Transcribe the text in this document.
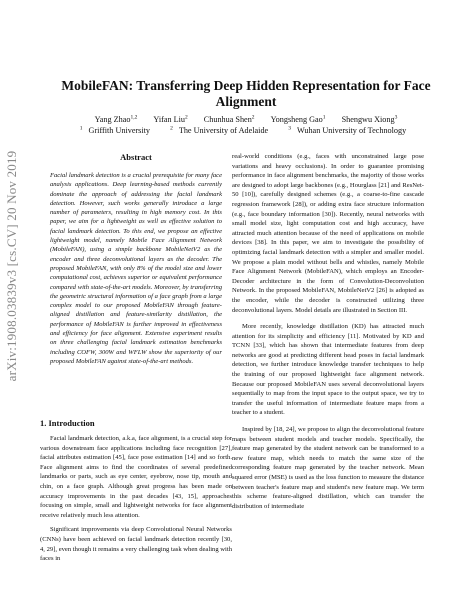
arXiv:1908.03839v3 [cs.CV] 20 Nov 2019
MobileFAN: Transferring Deep Hidden Representation for Face Alignment
Yang Zhao$^{1,2}$ Yifan Liu$^2$ Chunhua Shen$^2$ Yongsheng Gao$^1$ Shengwu Xiong$^3$
$^1$ Griffith University	$^2$ The University of Adelaide	$^3$ Wuhan University of Technology
Abstract
Facial landmark detection is a crucial prerequisite for many face analysis applications. Deep learning-based methods currently dominate the approach of addressing the facial landmark detection. However, such works generally introduce a large number of parameters, resulting in high memory cost. In this paper, we aim for a lightweight as well as effective solution to facial landmark detection. To this end, we propose an effective lightweight model, namely Mobile Face Alignment Network (MobileFAN), using a simple backbone MobileNetV2 as the encoder and three deconvolutional layers as the decoder. The proposed MobileFAN, with only 8% of the model size and lower computational cost, achieves superior or equivalent performance compared with state-of-the-art models. Moreover, by transferring the geometric structural information of a face graph from a large complex model to our proposed MobileFAN through feature-aligned distillation and feature-similarity distillation, the performance of MobileFAN is further improved in effectiveness and efficiency for face alignment. Extensive experiment results on three challenging facial landmark estimation benchmarks including COFW, 300W and WFLW show the superiority of our proposed MobileFAN against state-of-the-art methods.
1. Introduction

Facial landmark detection, a.k.a, face alignment, is a crucial step for various downstream face applications including face recognition [27], facial attributes estimation [45], face pose estimation [14] and so forth. Face alignment aims to find the coordinates of several predefined landmarks or parts, such as eye center, eyebrow, nose tip, mouth and chin, on a face graph. Although great progress has been made on accuracy improvements in the past decades [43, 15], approaches focusing on simple, small and lightweight networks for face alignment receive relatively much less attention.

Significant improvements via deep Convolutional Neural Networks (CNNs) have been achieved on facial landmark detection recently [30, 4, 29], even though it remains a very challenging task when dealing with faces in

real-world conditions (e.g., faces with unconstrained large pose variations and heavy occlusions). In order to guarantee promising performance in face alignment benchmarks, the majority of those works are designed to adopt large backbones (e.g., Hourglass [21] and ResNet-50 [10]), carefully designed schemes (e.g., a coarse-to-fine cascade regression framework [28]), or adding extra face structure information (e.g., face boundary information [30]). Recently, neural networks with small model size, light computation cost and high accuracy, have attracted much attention because of the need of applications on mobile devices [38]. In this paper, we aim to investigate the possibility of optimizing facial landmark detection with a simpler and smaller model. We propose a plain model without bells and whistles, namely Mobile Face Alignment Network (MobileFAN), which employs an Encoder-Decoder architecture in the form of Convolution-Deconvolution Network. In the proposed MobileFAN, MobileNetV2 [26] is adopted as the encoder, while the decoder is constructed utilizing three deconvolutional layers. Model details are illustrated in Section III.

More recently, knowledge distillation (KD) has attracted much attention for its simplicity and efficiency [11]. Motivated by KD and TCNN [33], which has shown that intermediate features from deep networks are good at predicting different head poses in facial landmark detection, we further introduce knowledge transfer techniques to help the training of our proposed lightweight face alignment network. Because our proposed MobileFAN uses several deconvolutional layers sequentially to map from the input space to the output space, we try to transfer the useful information of intermediate feature maps from a teacher to a student.

Inspired by [18, 24], we propose to align the deconvolutional feature maps between student models and teacher models. Specifically, the feature map generated by the student network can be transformed to a new feature map, which needs to match the same size of the corresponding feature map generated by the teacher network. Mean squared error (MSE) is used as the loss function to measure the distance between teacher's feature map and student's new feature map. We term this scheme feature-aligned distillation, which can transfer the distribution of intermediate
